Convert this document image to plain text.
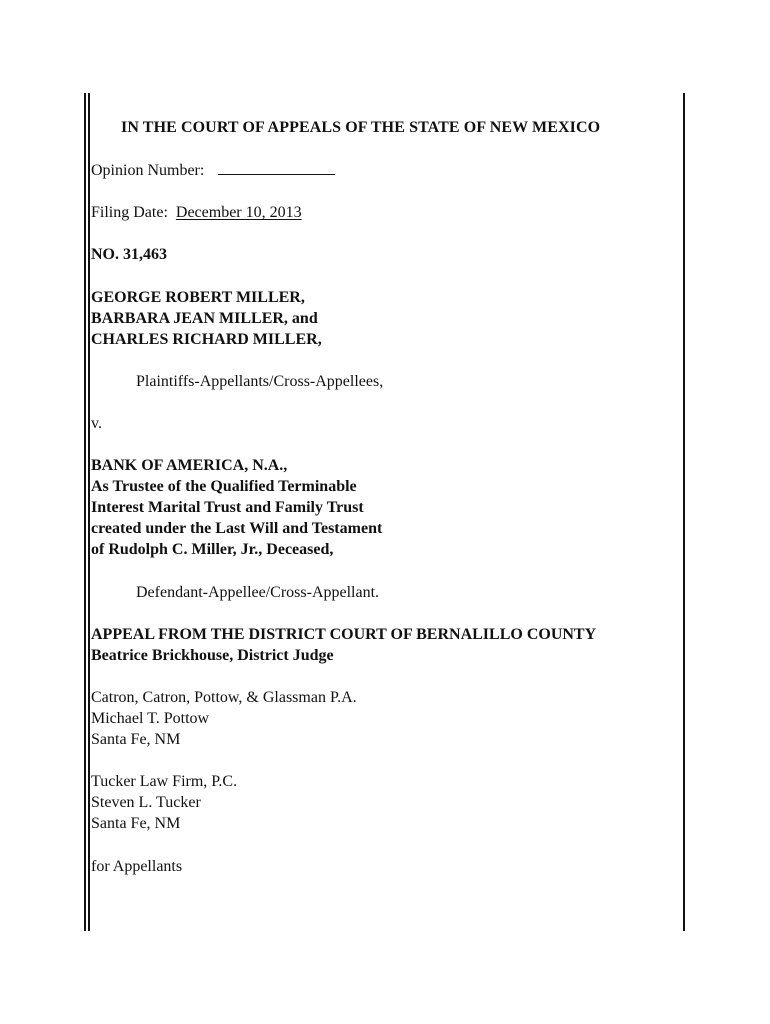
IN THE COURT OF APPEALS OF THE STATE OF NEW MEXICO
Opinion Number:
Filing Date: December 10, 2013
NO. 31,463
GEORGE ROBERT MILLER,
BARBARA JEAN MILLER, and
CHARLES RICHARD MILLER,
Plaintiffs-Appellants/Cross-Appellees,
v.
BANK OF AMERICA, N.A.,
As Trustee of the Qualified Terminable
Interest Marital Trust and Family Trust
created under the Last Will and Testament
of Rudolph C. Miller, Jr., Deceased,
Defendant-Appellee/Cross-Appellant.
APPEAL FROM THE DISTRICT COURT OF BERNALILLO COUNTY
Beatrice Brickhouse, District Judge
Catron, Catron, Pottow, & Glassman P.A.
Michael T. Pottow
Santa Fe, NM
Tucker Law Firm, P.C.
Steven L. Tucker
Santa Fe, NM
for Appellants
